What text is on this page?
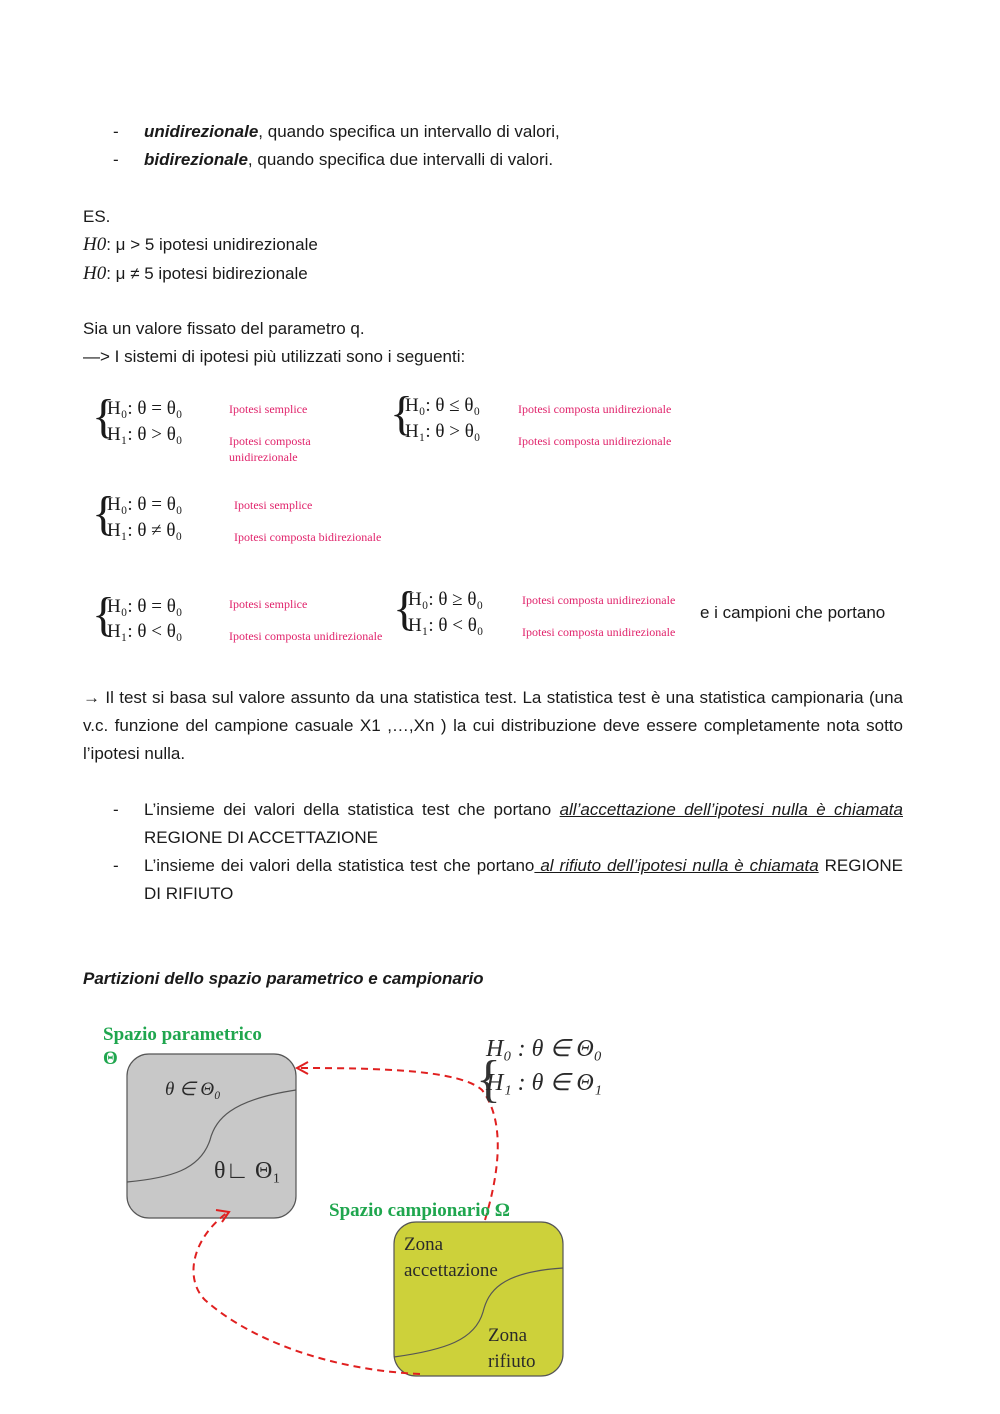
- unidirezionale, quando specifica un intervallo di valori,
- bidirezionale, quando specifica due intervalli di valori.
ES.
H0: μ > 5 ipotesi unidirezionale
H0: μ ≠ 5 ipotesi bidirezionale
Sia un valore fissato del parametro q.
—> I sistemi di ipotesi più utilizzati sono i seguenti:
{
H₀: θ = θ₀
H₁: θ > θ₀
Ipotesi semplice
Ipotesi composta
unidirezionale
{
H₀: θ ≤ θ₀
H₁: θ > θ₀
Ipotesi composta unidirezionale
Ipotesi composta unidirezionale
{
H₀: θ = θ₀
H₁: θ ≠ θ₀
Ipotesi semplice
Ipotesi composta bidirezionale
{
H₀: θ = θ₀
H₁: θ < θ₀
Ipotesi semplice
Ipotesi composta unidirezionale
{
H₀: θ ≥ θ₀
H₁: θ < θ₀
Ipotesi composta unidirezionale
Ipotesi composta unidirezionale
e i campioni che portano
→ Il test si basa sul valore assunto da una statistica test. La statistica test è una statistica campionaria (una v.c. funzione del campione casuale X1 ,…,Xn ) la cui distribuzione deve essere completamente nota sotto l’ipotesi nulla.
- L’insieme dei valori della statistica test che portano all’accettazione dell’ipotesi nulla è chiamata REGIONE DI ACCETTAZIONE
- L’insieme dei valori della statistica test che portano al rifiuto dell’ipotesi nulla è chiamata REGIONE DI RIFIUTO
Partizioni dello spazio parametrico e campionario
Spazio parametrico
Θ	{
θ ∈ Θ₀
θ∟ Θ₁
Spazio campionario Ω
Zona
accettazione
Zona
rifiuto
H₀ : θ ∈ Θ₀
H₁ : θ ∈ Θ₁
